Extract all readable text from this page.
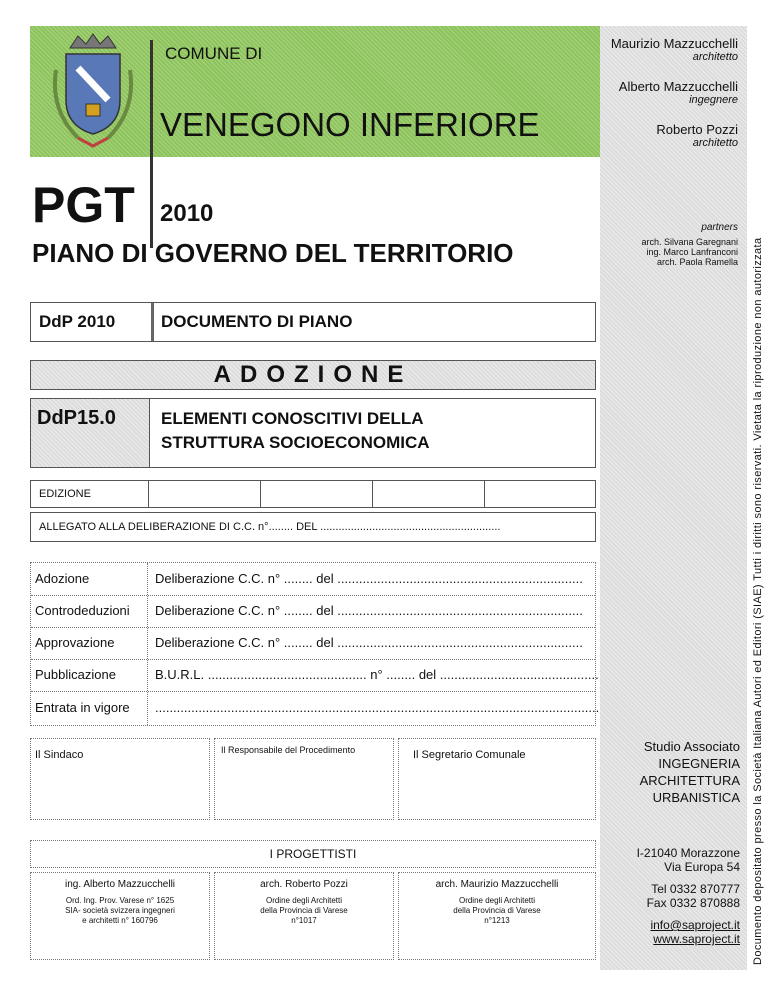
COMUNE DI
VENEGONO INFERIORE
PGT 2010
PIANO DI GOVERNO DEL TERRITORIO
Maurizio Mazzucchelli
architetto
Alberto Mazzucchelli
ingegnere
Roberto Pozzi
architetto
partners
arch. Silvana Garegnani
ing. Marco Lanfranconi
arch. Paola Ramella
DdP 2010	DOCUMENTO DI PIANO
ADOZIONE
DdP15.0	ELEMENTI CONOSCITIVI DELLA
STRUTTURA SOCIOECONOMICA
EDIZIONE
ALLEGATO ALLA DELIBERAZIONE DI C.C. n°........ DEL ...........................................................
Adozione	Deliberazione C.C. n° ........ del ....................................................................
Controdeduzioni Deliberazione C.C. n° ........ del ....................................................................
Approvazione	Deliberazione C.C. n° ........ del ....................................................................
Pubblicazione	B.U.R.L. ............................................ n° ........ del ............................................
Entrata in vigore ...........................................................................................................................
Il Sindaco	Il Responsabile del Procedimento	Il Segretario Comunale
I PROGETTISTI
ing. Alberto Mazzucchelli
Ord. Ing. Prov. Varese n° 1625
SIA- società svizzera ingegneri
e architetti n° 160796
arch. Roberto Pozzi
Ordine degli Architetti
della Provincia di Varese
n°1017
arch. Maurizio Mazzucchelli
Ordine degli Architetti
della Provincia di Varese
n°1213
Studio Associato
INGEGNERIA
ARCHITETTURA
URBANISTICA
I-21040 Morazzone
Via Europa 54
Tel 0332 870777
Fax 0332 870888
info@saproject.it
www.saproject.it Documento depositato presso la Società Italiana Autori ed Editori (SIAE) Tutti i diritti sono riservati. Vietata la riproduzione non autorizzata
